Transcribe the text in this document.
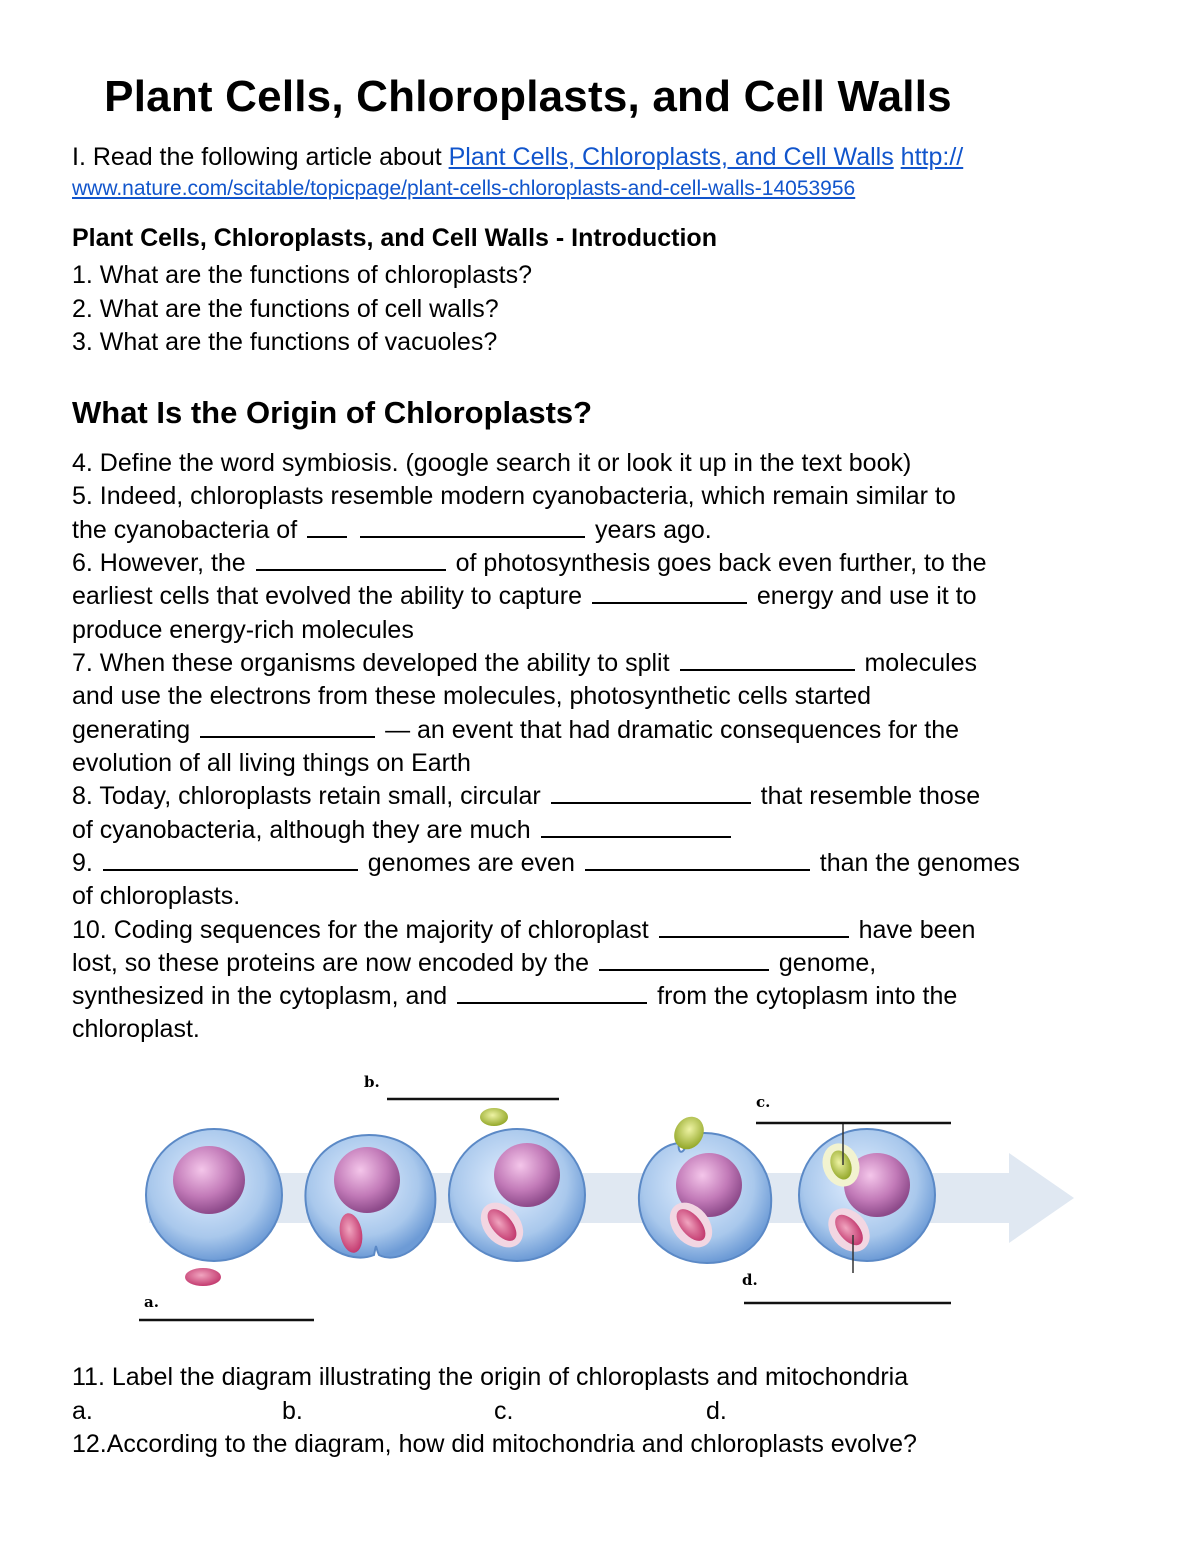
Plant Cells, Chloroplasts, and Cell Walls
I. Read the following article about Plant Cells, Chloroplasts, and Cell Walls http://
www.nature.com/scitable/topicpage/plant-cells-chloroplasts-and-cell-walls-14053956
Plant Cells, Chloroplasts, and Cell Walls - Introduction
1. What are the functions of chloroplasts?
2. What are the functions of cell walls?
3. What are the functions of vacuoles?
What Is the Origin of Chloroplasts?
4. Define the word symbiosis. (google search it or look it up in the text book)
5. Indeed, chloroplasts resemble modern cyanobacteria, which remain similar to
the cyanobacteria of	years ago.
6. However, the	of photosynthesis goes back even further, to the
earliest cells that evolved the ability to capture	energy and use it to
produce energy-rich molecules
7. When these organisms developed the ability to split	molecules
and use the electrons from these molecules, photosynthetic cells started
generating	— an event that had dramatic consequences for the
evolution of all living things on Earth
8. Today, chloroplasts retain small, circular	that resemble those
of cyanobacteria, although they are much
9.	genomes are even	than the genomes
of chloroplasts.
10. Coding sequences for the majority of chloroplast	have been
lost, so these proteins are now encoded by the	genome,
synthesized in the cytoplasm, and	from the cytoplasm into the
chloroplast.
a.
b.
c.
d.
11. Label the diagram illustrating the origin of chloroplasts and mitochondria
a.	b.	c.	d.
12.According to the diagram, how did mitochondria and chloroplasts evolve?
